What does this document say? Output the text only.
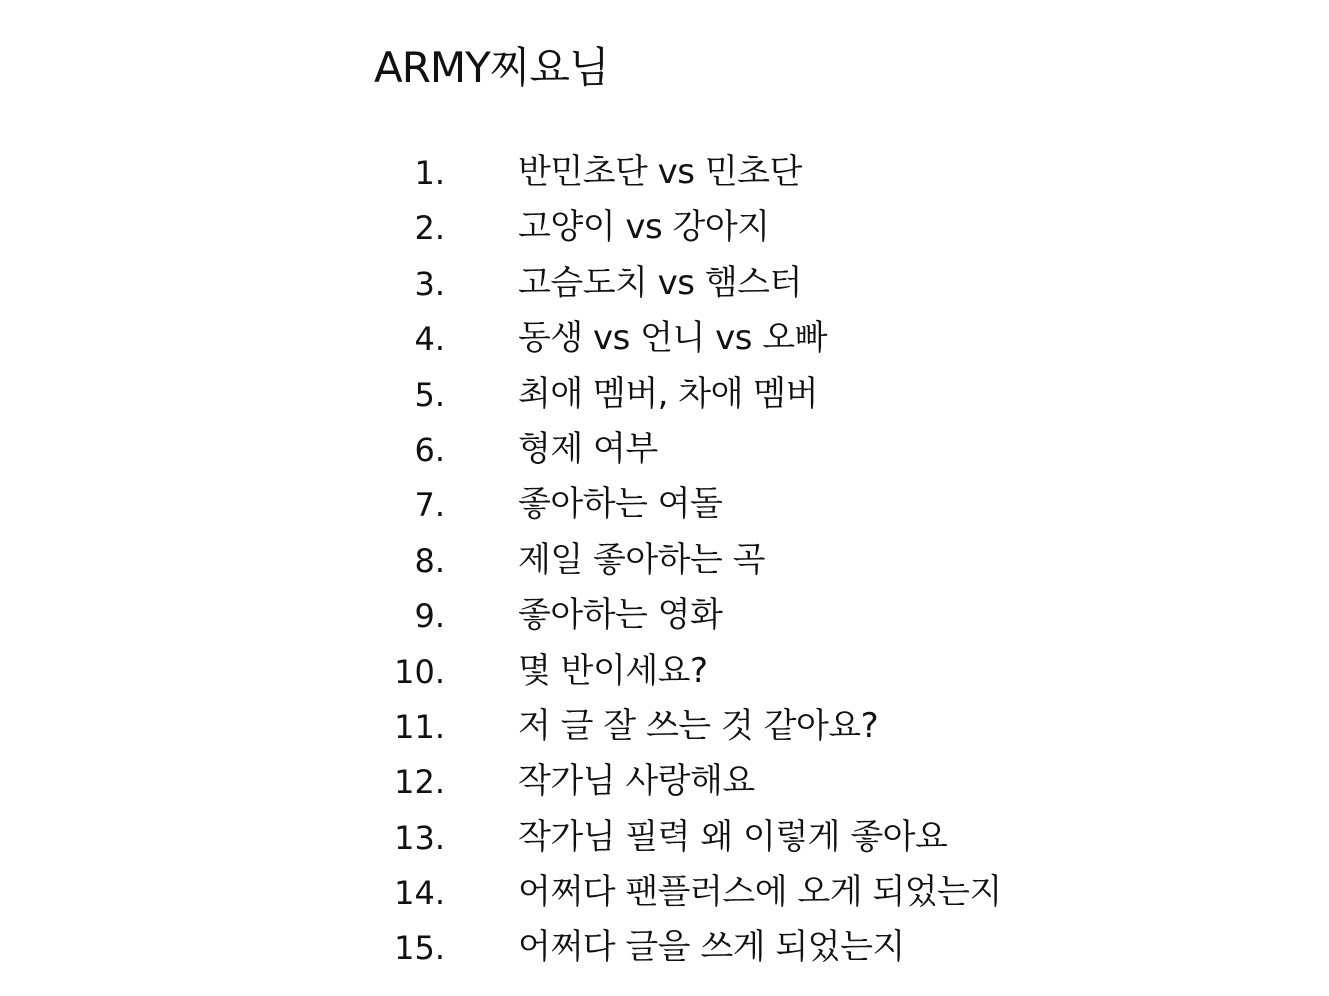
ARMY찌요님
1. 반민초단 vs 민초단
2. 고양이 vs 강아지
3. 고슴도치 vs 햄스터
4. 동생 vs 언니 vs 오빠
5. 최애 멤버, 차애 멤버
6. 형제 여부
7. 좋아하는 여돌
8. 제일 좋아하는 곡
9. 좋아하는 영화
10. 몇 반이세요?
11. 저 글 잘 쓰는 것 같아요?
12. 작가님 사랑해요
13. 작가님 필력 왜 이렇게 좋아요
14. 어쩌다 팬플러스에 오게 되었는지
15. 어쩌다 글을 쓰게 되었는지
